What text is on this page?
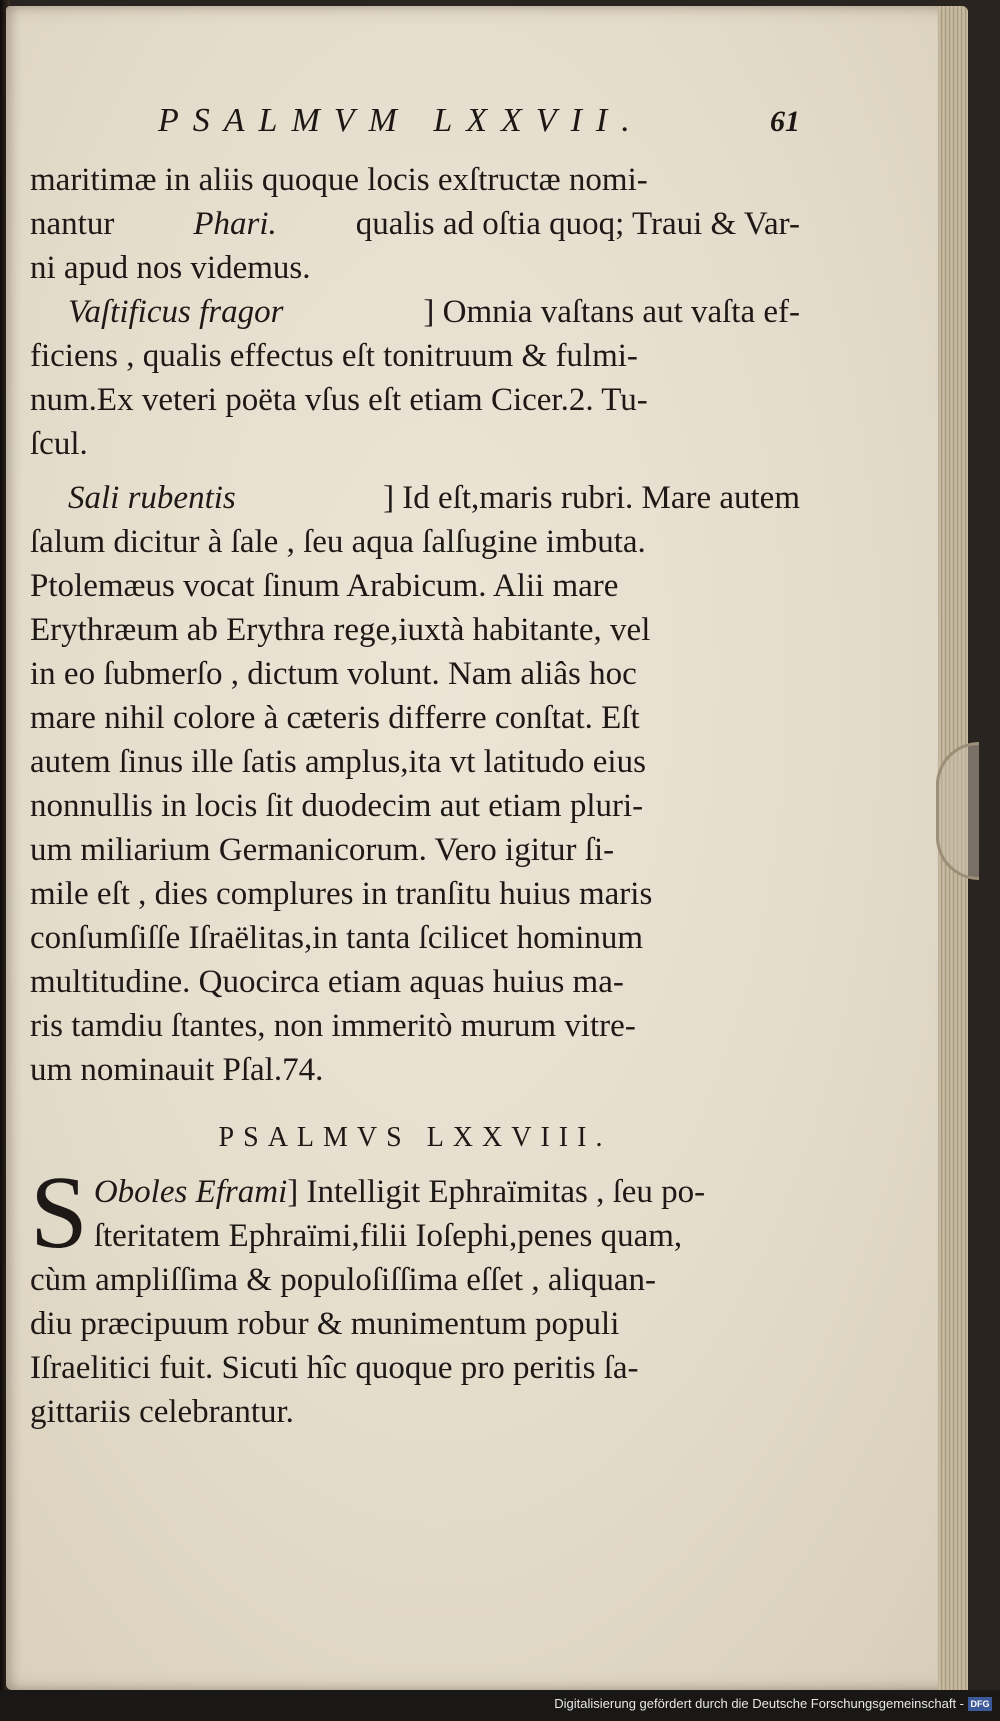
PSALMVM LXXVII.	61
maritimæ in aliis quoque locis exſtructæ nomi-
nantur Phari. qualis ad oſtia quoq; Traui & Var-
ni apud nos videmus.
Vaſtificus fragor	] Omnia vaſtans aut vaſta ef-
ficiens , qualis effectus eſt tonitruum & fulmi-
num.Ex veteri poëta vſus eſt etiam Cicer.2. Tu-
ſcul.
Sali rubentis	] Id eſt,maris rubri. Mare autem
ſalum dicitur à ſale , ſeu aqua ſalſugine imbuta.
Ptolemæus vocat ſinum Arabicum. Alii mare
Erythræum ab Erythra rege,iuxtà habitante, vel
in eo ſubmerſo , dictum volunt. Nam aliâs hoc
mare nihil colore à cæteris differre conſtat. Eſt
autem ſinus ille ſatis amplus,ita vt latitudo eius
nonnullis in locis ſit duodecim aut etiam pluri-
um miliarium Germanicorum. Vero igitur ſi-
mile eſt , dies complures in tranſitu huius maris
conſumſiſſe Iſraëlitas,in tanta ſcilicet hominum
multitudine. Quocirca etiam aquas huius ma-
ris tamdiu ſtantes, non immeritò murum vitre-
um nominauit Pſal.74.
PSALMVS LXXVIII.
S Oboles Eframi] Intelligit Ephraïmitas , ſeu po-
ſteritatem Ephraïmi,filii Ioſephi,penes quam,
cùm ampliſſima & populoſiſſima eſſet , aliquan-
diu præcipuum robur & munimentum populi
Iſraelitici fuit. Sicuti hîc quoque pro peritis ſa-
gittariis celebrantur.
Digitalisierung gefördert durch die Deutsche Forschungsgemeinschaft - DFG
